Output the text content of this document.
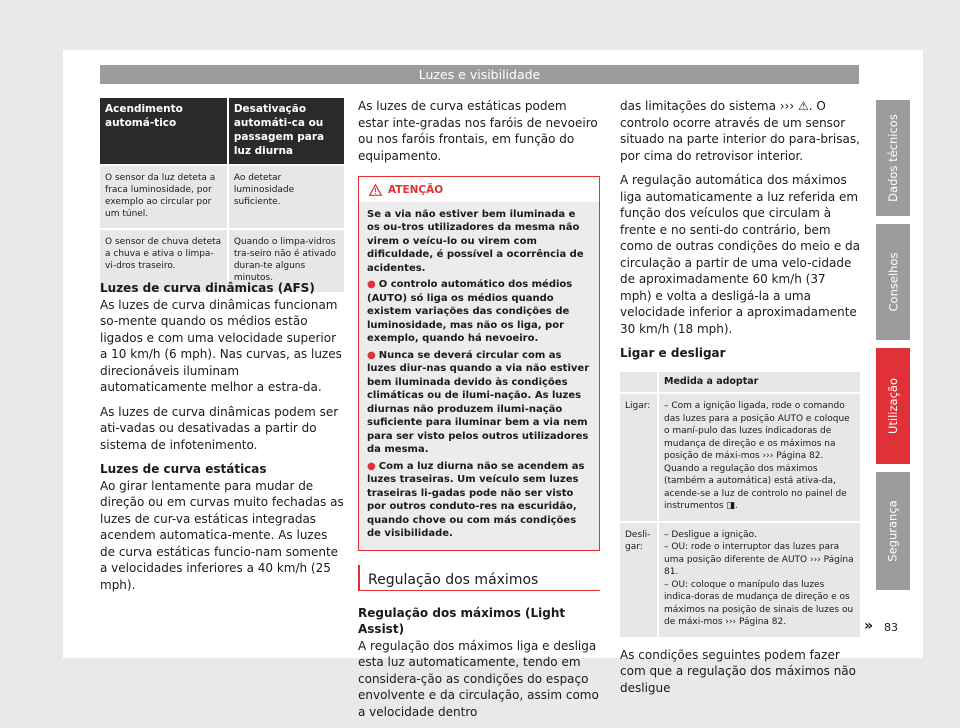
Luzes e visibilidade
Acendimento automá-tico	Desativação automáti-ca ou passagem para luz diurna
O sensor da luz deteta a fraca luminosidade, por exemplo ao circular por um túnel.	Ao detetar luminosidade suficiente.
O sensor de chuva deteta a chuva e ativa o limpa-vi-dros traseiro.	Quando o limpa-vidros tra-seiro não é ativado duran-te alguns minutos.

Luzes de curva dinâmicas (AFS)
As luzes de curva dinâmicas funcionam so-mente quando os médios estão ligados e com uma velocidade superior a 10 km/h (6 mph). Nas curvas, as luzes direcionáveis iluminam automaticamente melhor a estra-da.

As luzes de curva dinâmicas podem ser ati-vadas ou desativadas a partir do sistema de infotenimento.

Luzes de curva estáticas
Ao girar lentamente para mudar de direção ou em curvas muito fechadas as luzes de cur-va estáticas integradas acendem automatica-mente. As luzes de curva estáticas funcio-nam somente a velocidades inferiores a 40 km/h (25 mph).

As luzes de curva estáticas podem estar inte-gradas nos faróis de nevoeiro ou nos faróis frontais, em função do equipamento.

ATENÇÃO

Se a via não estiver bem iluminada e os ou-tros utilizadores da mesma não virem o veícu-lo ou virem com dificuldade, é possível a ocorrência de acidentes.

● O controlo automático dos médios (AUTO) só liga os médios quando existem variações das condições de luminosidade, mas não os liga, por exemplo, quando há nevoeiro.
● Nunca se deverá circular com as luzes diur-nas quando a via não estiver bem iluminada devido às condições climáticas ou de ilumi-nação. As luzes diurnas não produzem ilumi-nação suficiente para iluminar bem a via nem para ser visto pelos outros utilizadores da mesma.
● Com a luz diurna não se acendem as luzes traseiras. Um veículo sem luzes traseiras li-gadas pode não ser visto por outros conduto-res na escuridão, quando chove ou com más condições de visibilidade.
Regulação dos máximos

Regulação dos máximos (Light Assist)
A regulação dos máximos liga e desliga esta luz automaticamente, tendo em considera-ção as condições do espaço envolvente e da circulação, assim como a velocidade dentro

das limitações do sistema ››› ⚠. O controlo ocorre através de um sensor situado na parte interior do para-brisas, por cima do retrovisor interior.

A regulação automática dos máximos liga automaticamente a luz referida em função dos veículos que circulam à frente e no senti-do contrário, bem como de outras condições do meio e da circulação a partir de uma velo-cidade de aproximadamente 60 km/h (37 mph) e volta a desligá-la a uma velocidade inferior a aproximadamente 30 km/h (18 mph).

Ligar e desligar

	Medida a adoptar
Ligar:	– Com a ignição ligada, rode o comando das luzes para a posição AUTO e coloque o maní-pulo das luzes indicadoras de mudança de direção e os máximos na posição de máxi-mos ››› Página 82. Quando a regulação dos máximos (também a automática) está ativa-da, acende-se a luz de controlo no painel de instrumentos ◨.
Desli-gar:	– Desligue a ignição.
– OU: rode o interruptor das luzes para uma posição diferente de AUTO ››› Página 81.
– OU: coloque o manípulo das luzes indica-doras de mudança de direção e os máximos na posição de sinais de luzes ou de máxi-mos ››› Página 82.

As condições seguintes podem fazer com que a regulação dos máximos não desligue

»
Dados técnicos
Conselhos
Utilização
Segurança
83
